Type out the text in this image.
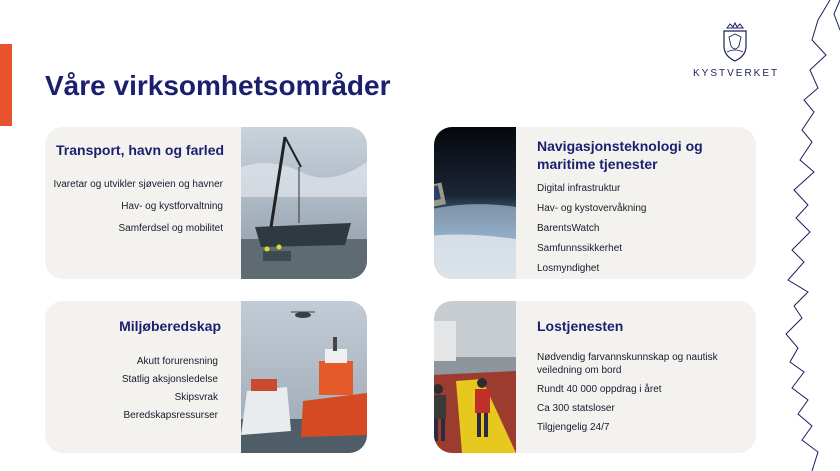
Våre virksomhetsområder	KYSTVERKET
Transport, havn og farled
Ivaretar og utvikler sjøveien og havner
Hav- og kystforvaltning
Samferdsel og mobilitet
Navigasjonsteknologi og maritime tjenester
Digital infrastruktur
Hav- og kystovervåkning
BarentsWatch
Samfunnssikkerhet
Losmyndighet
Miljøberedskap
Akutt forurensning
Statlig aksjonsledelse
Skipsvrak
Beredskapsressurser
Lostjenesten
Nødvendig farvannskunnskap og nautisk veiledning om bord
Rundt 40 000 oppdrag i året
Ca 300 statsloser
Tilgjengelig 24/7
